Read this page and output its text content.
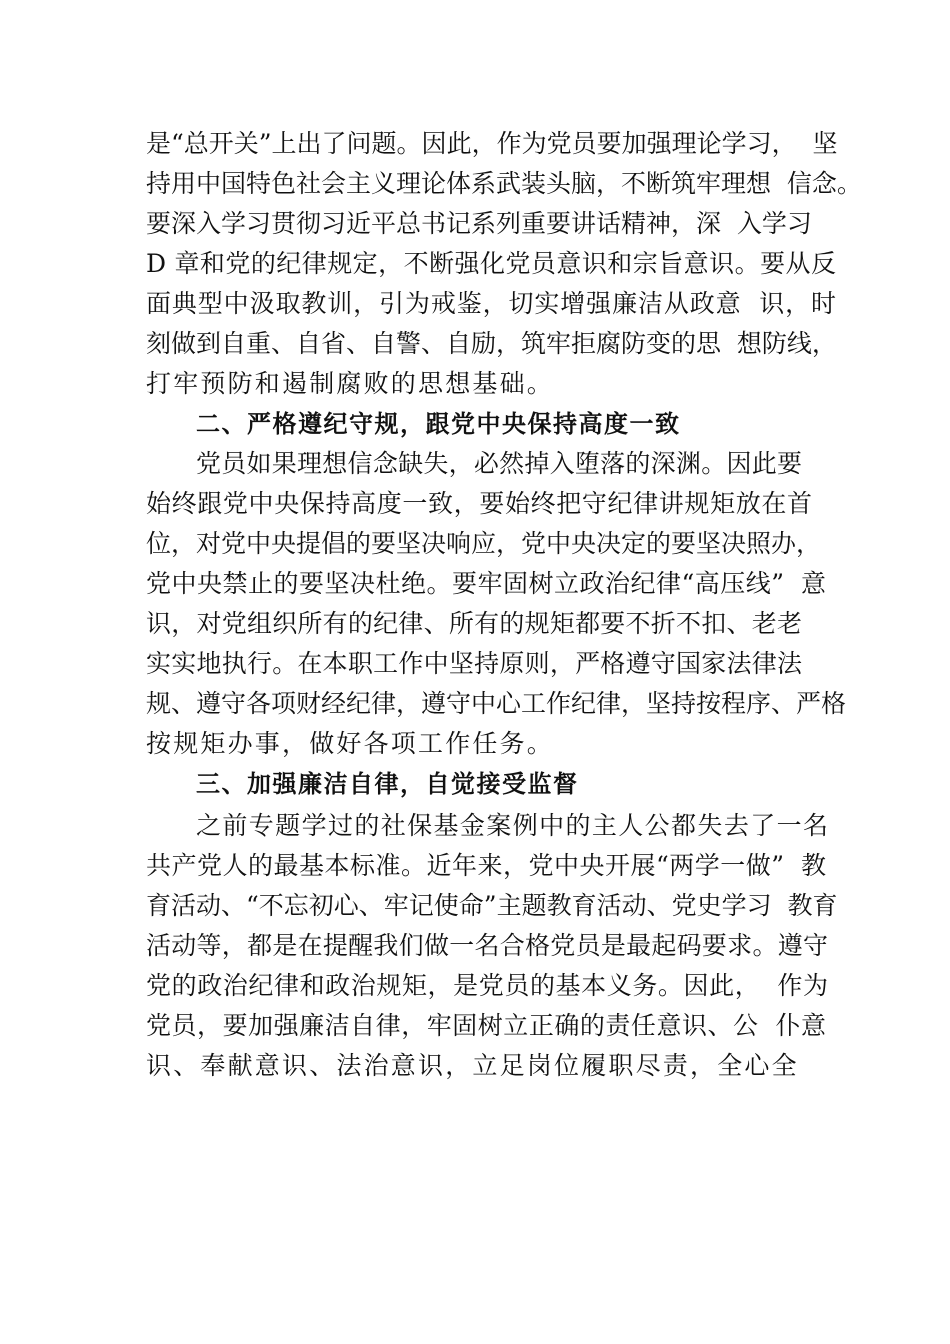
是“总开关”上出了问题。因此，作为党员要加强理论学习，  坚
持用中国特色社会主义理论体系武装头脑，不断筑牢理想  信念。
要深入学习贯彻习近平总书记系列重要讲话精神，深  入学习
D 章和党的纪律规定，不断强化党员意识和宗旨意识。要从反
面典型中汲取教训，引为戒鉴，切实增强廉洁从政意  识，时
刻做到自重、自省、自警、自励，筑牢拒腐防变的思  想防线，
打牢预防和遏制腐败的思想基础。
二、严格遵纪守规，跟党中央保持高度一致
党员如果理想信念缺失，必然掉入堕落的深渊。因此要
始终跟党中央保持高度一致，要始终把守纪律讲规矩放在首
位，对党中央提倡的要坚决响应，党中央决定的要坚决照办，
党中央禁止的要坚决杜绝。要牢固树立政治纪律“高压线”  意
识，对党组织所有的纪律、所有的规矩都要不折不扣、老老
实实地执行。在本职工作中坚持原则，严格遵守国家法律法
规、遵守各项财经纪律，遵守中心工作纪律，坚持按程序、严格
按规矩办事，做好各项工作任务。
三、加强廉洁自律，自觉接受监督
之前专题学过的社保基金案例中的主人公都失去了一名
共产党人的最基本标准。近年来，党中央开展“两学一做”  教
育活动、“不忘初心、牢记使命”主题教育活动、党史学习  教育
活动等，都是在提醒我们做一名合格党员是最起码要求。遵守
党的政治纪律和政治规矩，是党员的基本义务。因此，  作为
党员，要加强廉洁自律，牢固树立正确的责任意识、公  仆意
识、奉献意识、法治意识，立足岗位履职尽责，全心全
